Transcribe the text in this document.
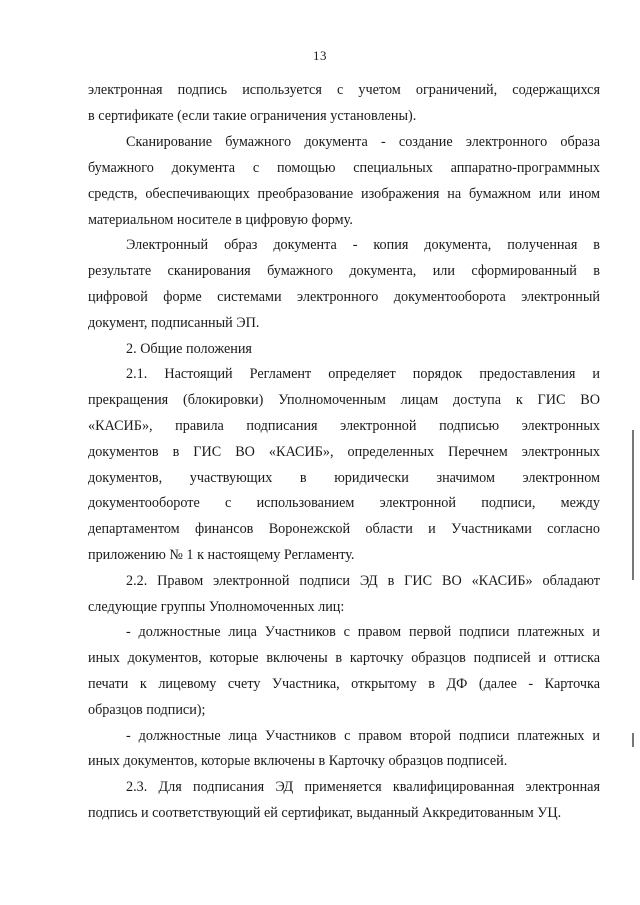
13
электронная подпись используется с учетом ограничений, содержащихся
в сертификате (если такие ограничения установлены).
Сканирование бумажного документа - создание электронного образа
бумажного документа с помощью специальных аппаратно-программных
средств, обеспечивающих преобразование изображения на бумажном или ином
материальном носителе в цифровую форму.
Электронный образ документа - копия документа, полученная в
результате сканирования бумажного документа, или сформированный в
цифровой форме системами электронного документооборота электронный
документ, подписанный ЭП.
2. Общие положения
2.1. Настоящий Регламент определяет порядок предоставления и
прекращения (блокировки) Уполномоченным лицам доступа к ГИС ВО
«КАСИБ», правила подписания электронной подписью электронных
документов в ГИС ВО «КАСИБ», определенных Перечнем электронных
документов, участвующих в юридически значимом электронном
документообороте с использованием электронной подписи, между
департаментом финансов Воронежской области и Участниками согласно
приложению № 1 к настоящему Регламенту.
2.2. Правом электронной подписи ЭД в ГИС ВО «КАСИБ» обладают
следующие группы Уполномоченных лиц:
- должностные лица Участников с правом первой подписи платежных и
иных документов, которые включены в карточку образцов подписей и оттиска
печати к лицевому счету Участника, открытому в ДФ (далее - Карточка
образцов подписи);
- должностные лица Участников с правом второй подписи платежных и
иных документов, которые включены в Карточку образцов подписей.
2.3. Для подписания ЭД применяется квалифицированная электронная
подпись и соответствующий ей сертификат, выданный Аккредитованным УЦ.
